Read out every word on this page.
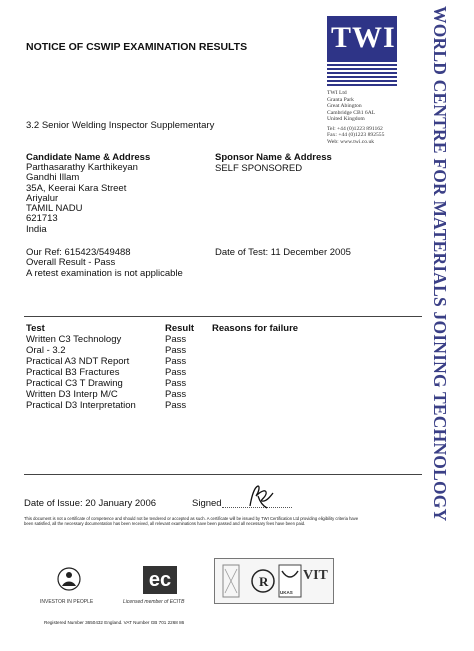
WORLD CENTRE FOR MATERIALS JOINING TECHNOLOGY
NOTICE OF CSWIP EXAMINATION RESULTS	TWI
TWI Ltd
Granta Park
Great Abington
Cambridge CB1 6AL
United Kingdom
Tel: +44 (0)1223 891162
Fax: +44 (0)1223 892555
Web: www.twi.co.uk
3.2 Senior Welding Inspector Supplementary
Candidate Name & Address
Parthasarathy Karthikeyan
Gandhi Illam
35A, Keerai Kara Street
Ariyalur
TAMIL NADU
621713
India
Sponsor Name & Address
SELF SPONSORED
Our Ref: 615423/549488	Date of Test: 11 December 2005
Overall Result - Pass
A retest examination is not applicable
Test	Result Reasons for failure
Written C3 Technology	Pass
Oral - 3.2	Pass
Practical A3 NDT Report	Pass
Practical B3 Fractures	Pass
Practical C3 T Drawing	Pass
Written D3 Interp M/C	Pass
Practical D3 Interpretation	Pass
Date of Issue: 20 January 2006	Signed
This document is not a certificate of competence and should not be tendered or accepted as such. A certificate will be issued by TWI Certification Ltd providing eligibility criteria have
been satisfied, all the necessary documentation has been received, all relevant examinations have been passed and all necessary fees have been paid.
INVESTOR IN PEOPLE
ec
Licensed member of ECITB
R
UKAS
VIT
Registered Number 3650432 England. VAT Number GB 701 2268 86
